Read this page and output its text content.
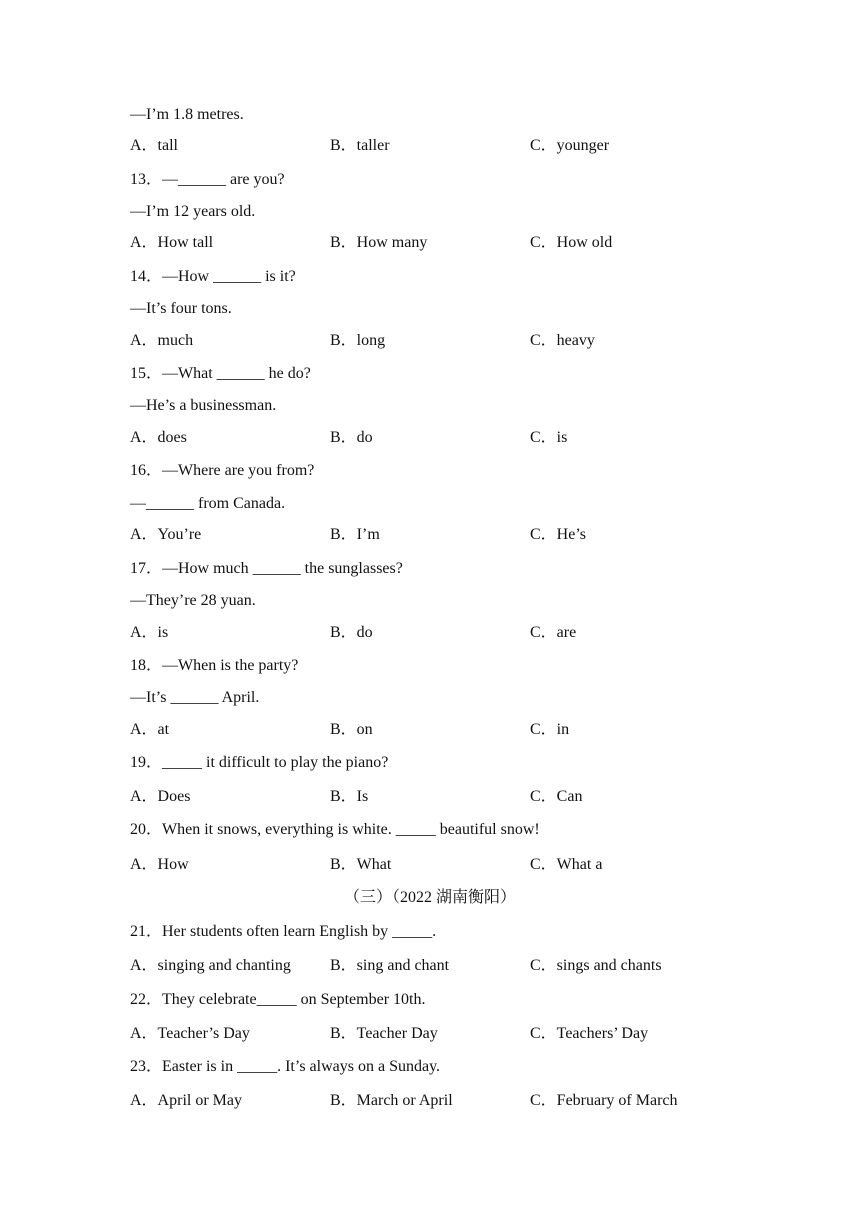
—I’m 1.8 metres.
A．tall	B．taller	C．younger
13．—______ are you?
—I’m 12 years old.
A．How tall	B．How many	C．How old
14．—How ______ is it?
—It’s four tons.
A．much	B．long	C．heavy
15．—What ______ he do?
—He’s a businessman.
A．does	B．do	C．is
16．—Where are you from?
—______ from Canada.
A．You’re	B．I’m	C．He’s
17．—How much ______ the sunglasses?
—They’re 28 yuan.
A．is	B．do	C．are
18．—When is the party?
—It’s ______ April.
A．at	B．on	C．in
19．_____ it difficult to play the piano?
A．Does	B．Is	C．Can
20．When it snows, everything is white. _____ beautiful snow!
A．How	B．What	C．What a
（三）（2022 湖南衡阳）
21．Her students often learn English by _____.
A．singing and chanting B．sing and chant	C．sings and chants
22．They celebrate_____ on September 10th.
A．Teacher’s Day	B．Teacher Day	C．Teachers’ Day
23．Easter is in _____. It’s always on a Sunday.
A．April or May	B．March or April	C．February of March
